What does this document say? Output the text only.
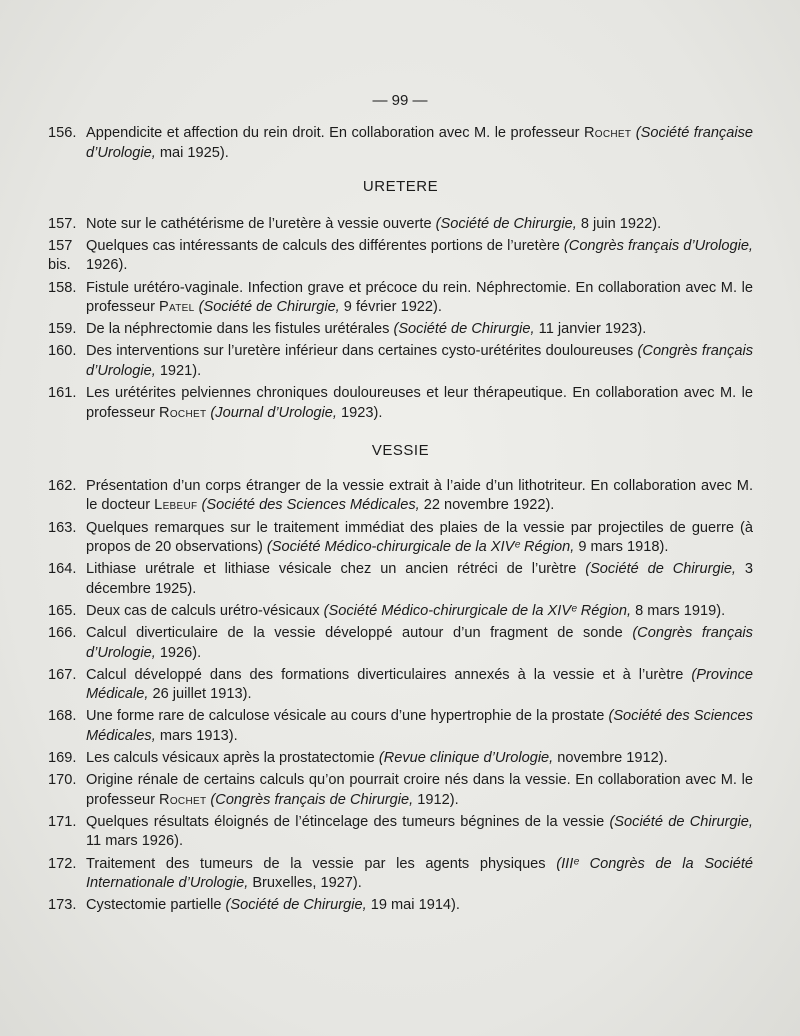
— 99 —
156. Appendicite et affection du rein droit. En collaboration avec M. le professeur Rochet (Société française d’Urologie, mai 1925).
URETERE
157. Note sur le cathétérisme de l’uretère à vessie ouverte (Société de Chirurgie, 8 juin 1922).
157 bis.
Quelques cas intéressants de calculs des différentes portions de l’uretère (Congrès français d’Urologie, 1926).
158. Fistule urétéro-vaginale. Infection grave et précoce du rein. Néphrectomie. En collaboration avec M. le professeur Patel (Société de Chirurgie, 9 février 1922).
159. De la néphrectomie dans les fistules urétérales (Société de Chirurgie, 11 janvier 1923).
160. Des interventions sur l’uretère inférieur dans certaines cysto-urétérites douloureuses (Congrès français d’Urologie, 1921).
161. Les urétérites pelviennes chroniques douloureuses et leur thérapeutique. En collaboration avec M. le professeur Rochet (Journal d’Urologie, 1923).
VESSIE
162. Présentation d’un corps étranger de la vessie extrait à l’aide d’un lithotriteur. En collaboration avec M. le docteur Lebeuf (Société des Sciences Médicales, 22 novembre 1922).
163. Quelques remarques sur le traitement immédiat des plaies de la vessie par projectiles de guerre (à propos de 20 observations) (Société Médico-chirurgicale de la XIVᵉ Région, 9 mars 1918).
164. Lithiase urétrale et lithiase vésicale chez un ancien rétréci de l’urètre (Société de Chirurgie, 3 décembre 1925).
165. Deux cas de calculs urétro-vésicaux (Société Médico-chirurgicale de la XIVᵉ Région, 8 mars 1919).
166. Calcul diverticulaire de la vessie développé autour d’un fragment de sonde (Congrès français d’Urologie, 1926).
167. Calcul développé dans des formations diverticulaires annexés à la vessie et à l’urètre (Province Médicale, 26 juillet 1913).
168. Une forme rare de calculose vésicale au cours d’une hypertrophie de la prostate (Société des Sciences Médicales, mars 1913).
169. Les calculs vésicaux après la prostatectomie (Revue clinique d’Urologie, novembre 1912).
170. Origine rénale de certains calculs qu’on pourrait croire nés dans la vessie. En collaboration avec M. le professeur Rochet (Congrès français de Chirurgie, 1912).
171. Quelques résultats éloignés de l’étincelage des tumeurs bégnines de la vessie (Société de Chirurgie, 11 mars 1926).
172. Traitement des tumeurs de la vessie par les agents physiques (IIIᵉ Congrès de la Société Internationale d’Urologie, Bruxelles, 1927).
173. Cystectomie partielle (Société de Chirurgie, 19 mai 1914).
